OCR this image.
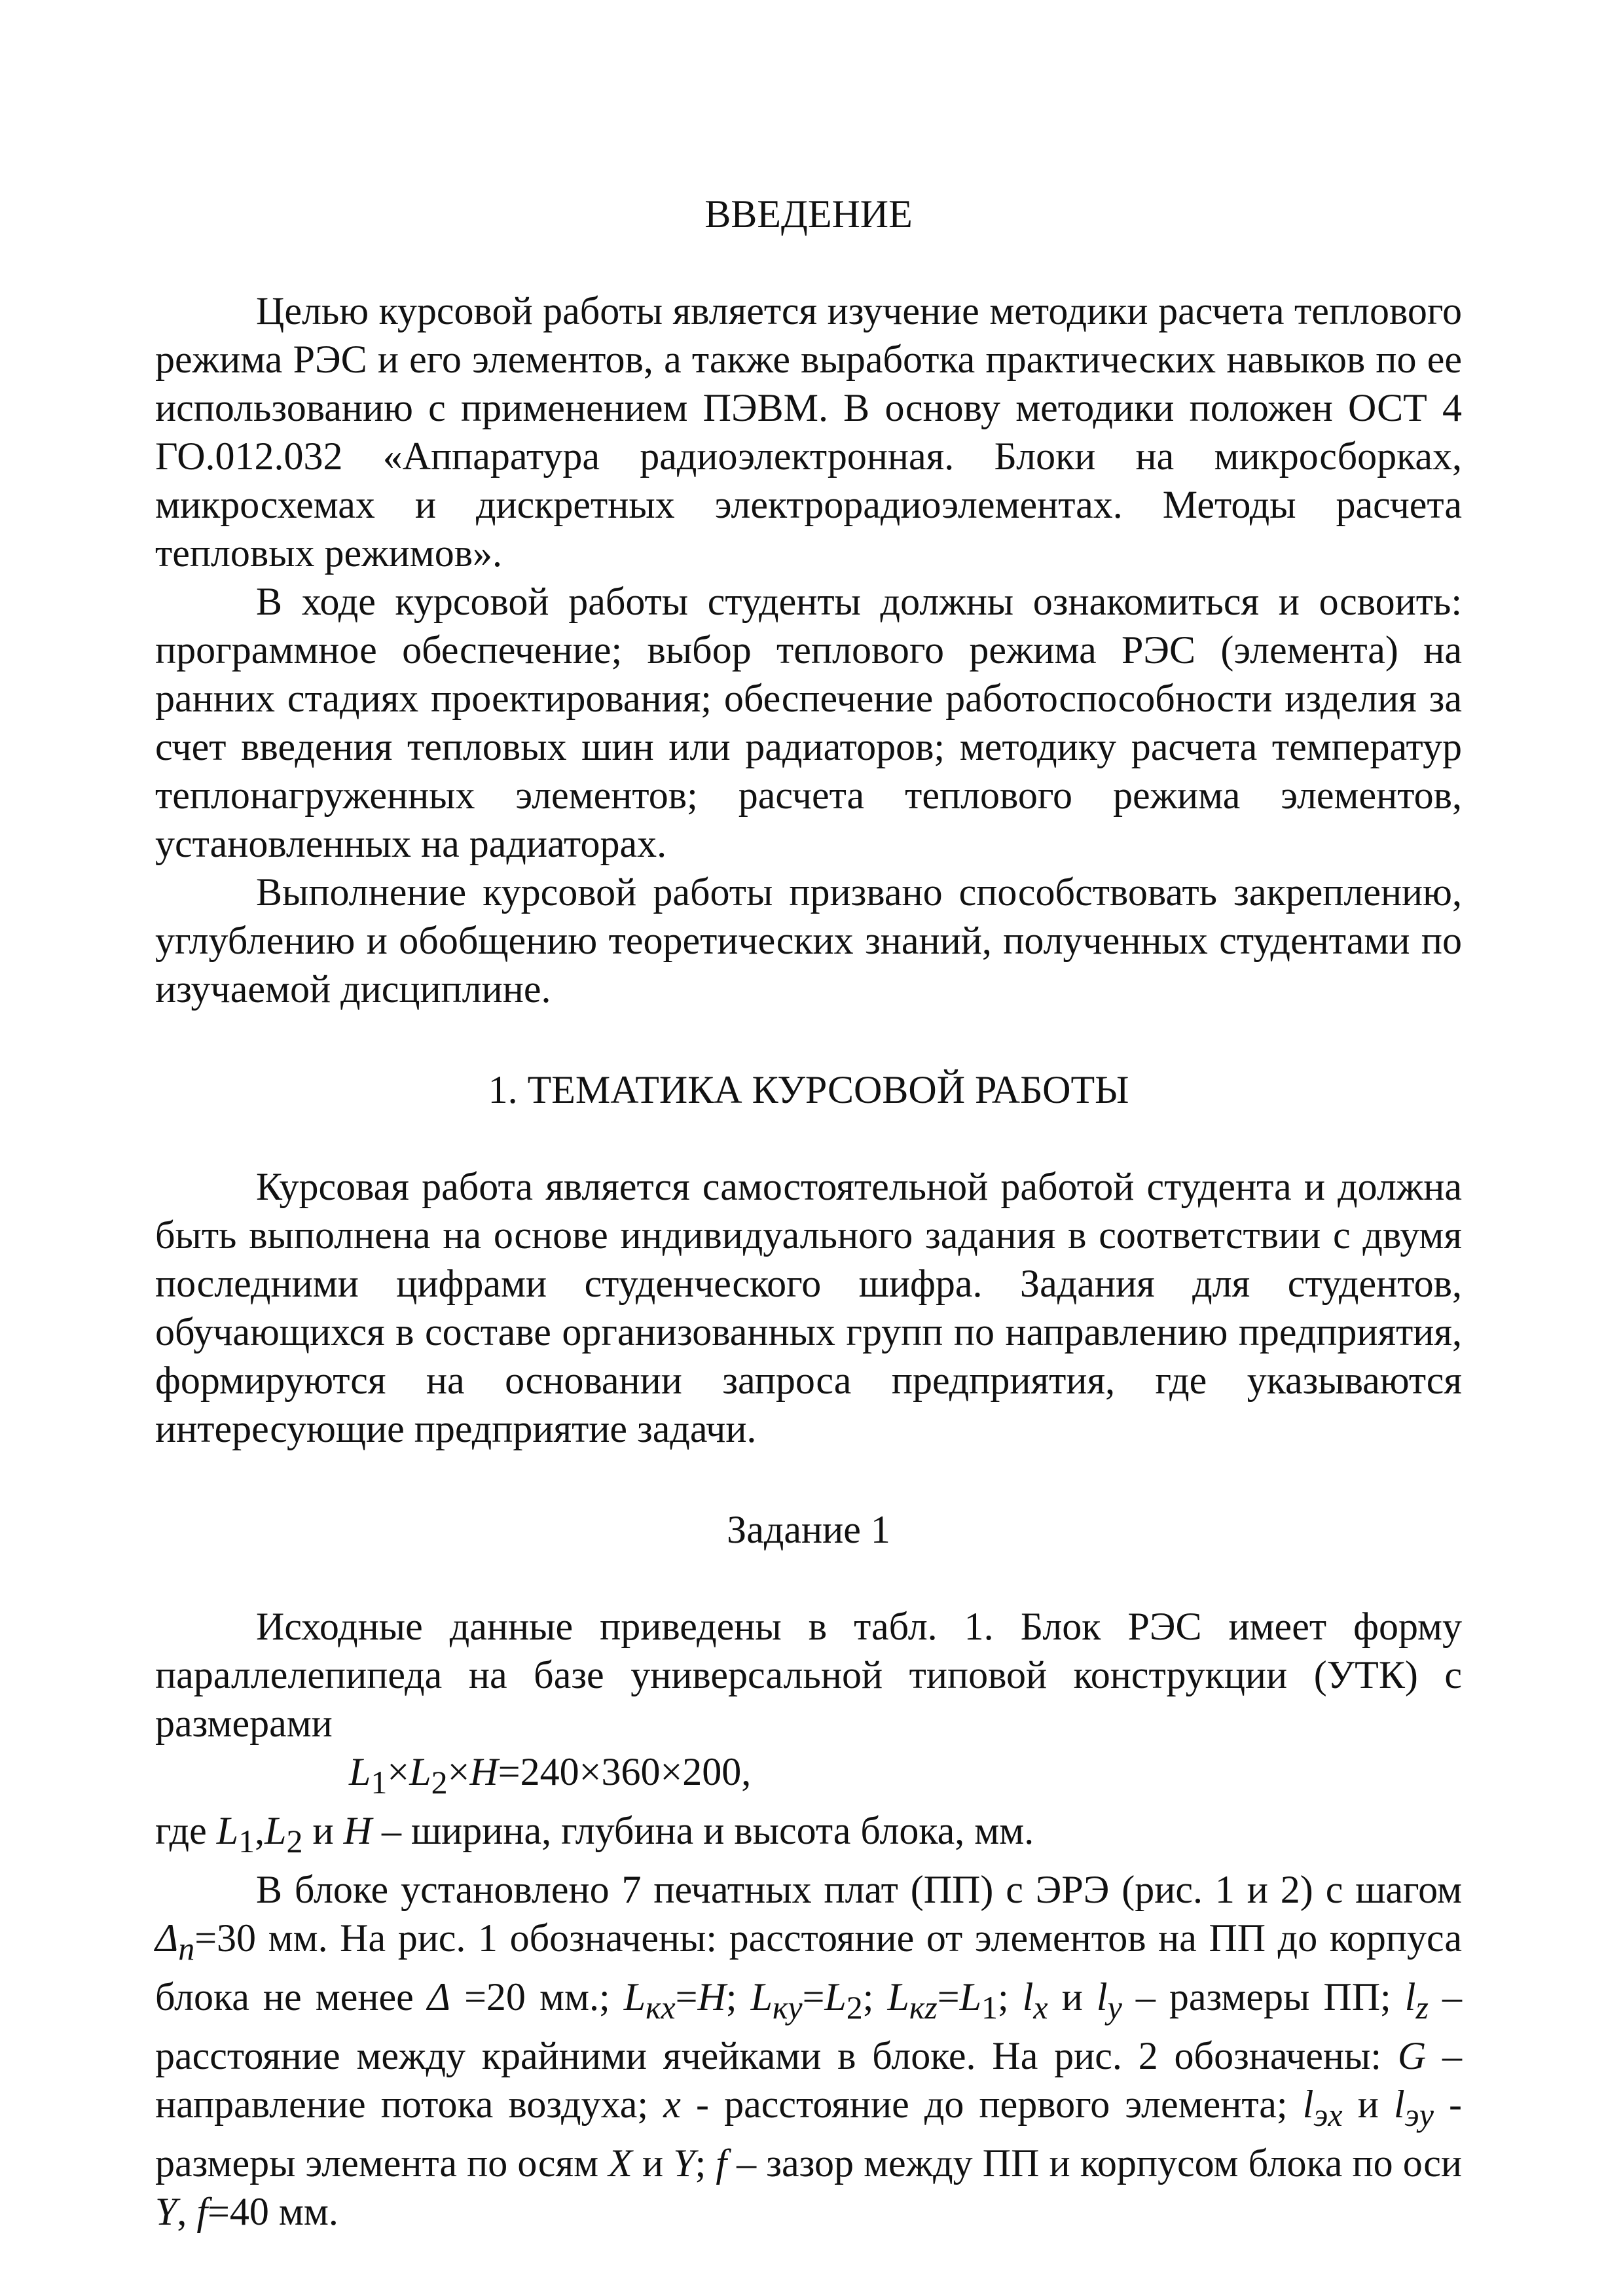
ВВЕДЕНИЕ

Целью курсовой работы является изучение методики расчета теплового режима РЭС и его элементов, а также выработка практических навыков по ее использованию с применением ПЭВМ. В основу методики положен ОСТ 4 ГО.012.032 «Аппаратура радиоэлектронная. Блоки на микросборках, микросхемах и дискретных электрорадиоэлементах. Методы расчета тепловых режимов».

В ходе курсовой работы студенты должны ознакомиться и освоить: программное обеспечение; выбор теплового режима РЭС (элемента) на ранних стадиях проектирования; обеспечение работоспособности изделия за счет введения тепловых шин или радиаторов; методику расчета температур теплонагруженных элементов; расчета теплового режима элементов, установленных на радиаторах.

Выполнение курсовой работы призвано способствовать закреплению, углублению и обобщению теоретических знаний, полученных студентами по изучаемой дисциплине.

1. ТЕМАТИКА КУРСОВОЙ РАБОТЫ

Курсовая работа является самостоятельной работой студента и должна быть выполнена на основе индивидуального задания в соответствии с двумя последними цифрами студенческого шифра. Задания для студентов, обучающихся в составе организованных групп по направлению предприятия, формируются на основании запроса предприятия, где указываются интересующие предприятие задачи.

Задание 1

Исходные данные приведены в табл. 1. Блок РЭС имеет форму параллелепипеда на базе универсальной типовой конструкции (УТК) с размерами

$L_1\times L_2\times H=240\times 360\times 200$,

где $L_1,L_2$ и H – ширина, глубина и высота блока, мм.

В блоке установлено 7 печатных плат (ПП) с ЭРЭ (рис. 1 и 2) с шагом $\Delta_п=30$ мм. На рис. 1 обозначены: расстояние от элементов на ПП до корпуса блока не менее Δ =20 мм.; $L_{кx}=H$; $L_{кy}=L_2$; $L_{кz}=L_1$; $l_x$ и $l_y$ – размеры ПП; $l_z$ – расстояние между крайними ячейками в блоке. На рис. 2 обозначены: G – направление потока воздуха; x - расстояние до первого элемента; $l_{эx}$ и $l_{эy}$ - размеры элемента по осям X и Y; f – зазор между ПП и корпусом блока по оси Y, f=40 мм.
